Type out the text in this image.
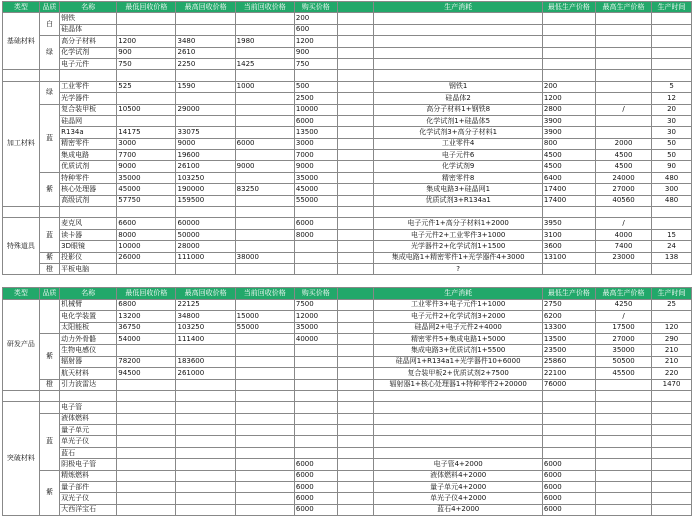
类型	品质	名称	最低回收价格	最高回收价格	当前回收价格	购买价格		生产消耗	最低生产价格	最高生产价格	生产时间
基础材料	白	钢铁				200					
		硅晶体				600					
	绿	高分子材料	1200	3480	1980	1200					
		化学试剂	900	2610		900					
		电子元件	750	2250	1425	750					

加工材料	绿	工业零件	525	1590	1000	500		钢铁1	200		5
		光学器件				2500		硅晶体2	1200		12
	蓝	复合装甲板	10500	29000		10000		高分子材料1+钢铁8	2800	/	20
		硅晶网				6000		化学试剂1+硅晶体5	3900		30
		R134a	14175	33075		13500		化学试剂3+高分子材料1	3900		30
		精密零件	3000	9000	6000	3000		工业零件4	800	2000	50
		集成电路	7700	19600		7000		电子元件6	4500	4500	50
		优质试剂	9000	26100	9000	9000		化学试剂9	4500	4500	90
	紫	特种零件	35000	103250		35000		精密零件8	6400	24000	480
		核心处理器	45000	190000	83250	45000		集成电路3+硅晶网1	17400	27000	300
		高级试剂	57750	159500		55000		优质试剂3+R134a1	17400	40560	480

特殊道具	蓝	麦克风	6600	60000		6000		电子元件1+高分子材料1+2000	3950	/	
		读卡器	8000	50000		8000		电子元件2+工业零件3+1000	3100	4000	15
		3D眼镜	10000	28000				光学器件2+化学试剂1+1500	3600	7400	24
	紫	投影仪	26000	111000	38000			集成电路1+精密零件1+光学器件4+3000	13100	23000	138
	橙	平板电脑						?			

类型	品质	名称	最低回收价格	最高回收价格	当前回收价格	购买价格		生产消耗	最低生产价格	最高生产价格	生产时间
研发产品		机械臂	6800	22125		7500		工业零件3+电子元件1+1000	2750	4250	25
		电化学装置	13200	34800	15000	12000		电子元件2+化学试剂3+2000	6200	/	
		太阳能板	36750	103250	55000	35000		硅晶网2+电子元件2+4000	13300	17500	120
	紫	动力外骨骼	54000	111400		40000		精密零件5+集成电路1+5000	13500	27000	290
		生物电感仪						集成电路3+优质试剂1+5500	23500	35000	210
		辐射器	78200	183600				硅晶网1+R134a1+光学器件10+6000	25860	50500	210
		航天材料	94500	261000				复合装甲板2+优质试剂2+7500	22100	45500	220
	橙	引力波雷达						辐射器1+核心处理器1+特种零件2+20000	76000		1470

突破材料		电子管									
	蓝	液体燃料									
		量子单元									
		单光子仪									
		蓝石									
		阴极电子管				6000		电子管4+2000	6000		
	紫	精炼燃料				6000		液体燃料4+2000	6000		
		量子部件				6000		量子单元4+2000	6000		
		双光子仪				6000		单光子仪4+2000	6000		
		大西洋宝石				6000		蓝石4+2000	6000		
